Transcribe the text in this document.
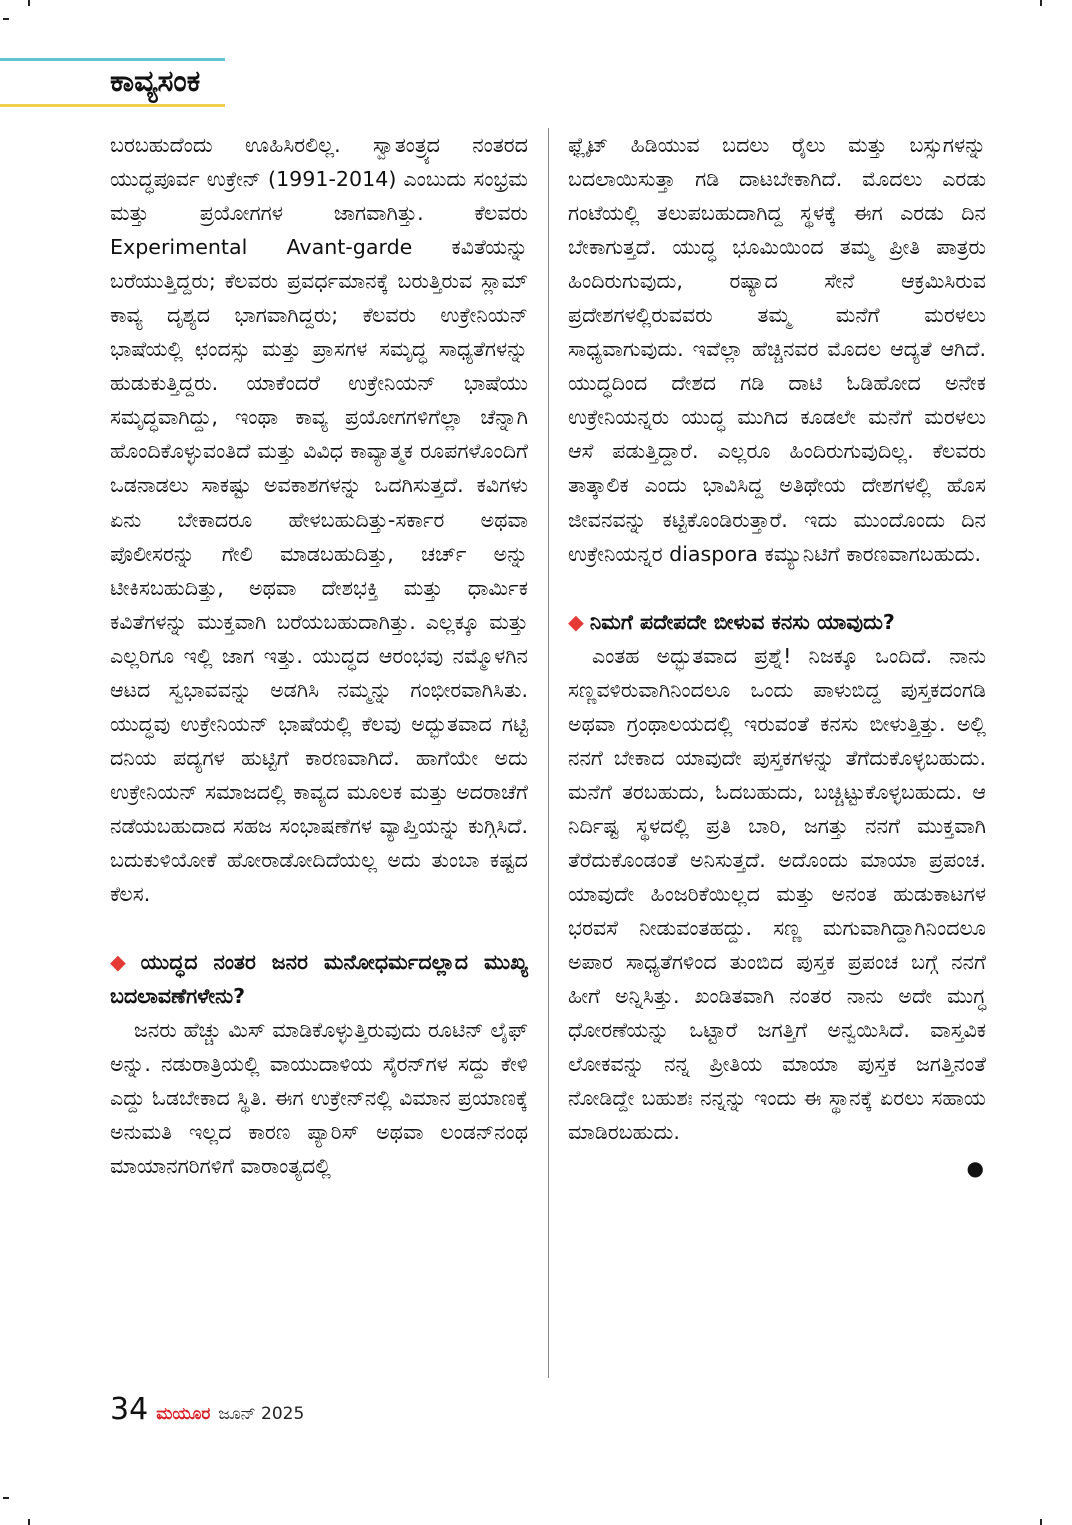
ಕಾವ್ಯಸಂಕ

ಬರಬಹುದೆಂದು ಊಹಿಸಿರಲಿಲ್ಲ. ಸ್ವಾತಂತ್ರ್ಯದ ನಂತರದ ಯುದ್ಧಪೂರ್ವ ಉಕ್ರೇನ್ (1991-2014) ಎಂಬುದು ಸಂಭ್ರಮ ಮತ್ತು ಪ್ರಯೋಗಗಳ ಜಾಗವಾಗಿತ್ತು. ಕೆಲವರು Experimental Avant-garde ಕವಿತೆಯನ್ನು ಬರೆಯುತ್ತಿದ್ದರು; ಕೆಲವರು ಪ್ರವರ್ಧಮಾನಕ್ಕೆ ಬರುತ್ತಿರುವ ಸ್ಲಾಮ್ ಕಾವ್ಯ ದೃಶ್ಯದ ಭಾಗವಾಗಿದ್ದರು; ಕೆಲವರು ಉಕ್ರೇನಿಯನ್ ಭಾಷೆಯಲ್ಲಿ ಛಂದಸ್ಸು ಮತ್ತು ಪ್ರಾಸಗಳ ಸಮೃದ್ಧ ಸಾಧ್ಯತೆಗಳನ್ನು ಹುಡುಕುತ್ತಿದ್ದರು. ಯಾಕೆಂದರೆ ಉಕ್ರೇನಿಯನ್ ಭಾಷೆಯು ಸಮೃದ್ಧವಾಗಿದ್ದು, ಇಂಥಾ ಕಾವ್ಯ ಪ್ರಯೋಗಗಳಿಗೆಲ್ಲಾ ಚೆನ್ನಾಗಿ ಹೊಂದಿಕೊಳ್ಳುವಂತಿದೆ ಮತ್ತು ವಿವಿಧ ಕಾವ್ಯಾತ್ಮಕ ರೂಪಗಳೊಂದಿಗೆ ಒಡನಾಡಲು ಸಾಕಷ್ಟು ಅವಕಾಶಗಳನ್ನು ಒದಗಿಸುತ್ತದೆ. ಕವಿಗಳು ಏನು ಬೇಕಾದರೂ ಹೇಳಬಹುದಿತ್ತು-ಸರ್ಕಾರ ಅಥವಾ ಪೊಲೀಸರನ್ನು ಗೇಲಿ ಮಾಡಬಹುದಿತ್ತು, ಚರ್ಚ್ ಅನ್ನು ಟೀಕಿಸಬಹುದಿತ್ತು, ಅಥವಾ ದೇಶಭಕ್ತಿ ಮತ್ತು ಧಾರ್ಮಿಕ ಕವಿತೆಗಳನ್ನು ಮುಕ್ತವಾಗಿ ಬರೆಯಬಹುದಾಗಿತ್ತು. ಎಲ್ಲಕ್ಕೂ ಮತ್ತು ಎಲ್ಲರಿಗೂ ಇಲ್ಲಿ ಜಾಗ ಇತ್ತು. ಯುದ್ಧದ ಆರಂಭವು ನಮ್ಮೊಳಗಿನ ಆಟದ ಸ್ವಭಾವವನ್ನು ಅಡಗಿಸಿ ನಮ್ಮನ್ನು ಗಂಭೀರವಾಗಿಸಿತು. ಯುದ್ಧವು ಉಕ್ರೇನಿಯನ್ ಭಾಷೆಯಲ್ಲಿ ಕೆಲವು ಅದ್ಭುತವಾದ ಗಟ್ಟಿ ದನಿಯ ಪದ್ಯಗಳ ಹುಟ್ಟಿಗೆ ಕಾರಣವಾಗಿದೆ. ಹಾಗೆಯೇ ಅದು ಉಕ್ರೇನಿಯನ್ ಸಮಾಜದಲ್ಲಿ ಕಾವ್ಯದ ಮೂಲಕ ಮತ್ತು ಅದರಾಚೆಗೆ ನಡೆಯಬಹುದಾದ ಸಹಜ ಸಂಭಾಷಣೆಗಳ ವ್ಯಾಪ್ತಿಯನ್ನು ಕುಗ್ಗಿಸಿದೆ. ಬದುಕುಳಿಯೋಕೆ ಹೋರಾಡೋದಿದೆಯಲ್ಲ ಅದು ತುಂಬಾ ಕಷ್ಟದ ಕೆಲಸ.

◆ ಯುದ್ಧದ ನಂತರ ಜನರ ಮನೋಧರ್ಮದಲ್ಲಾದ ಮುಖ್ಯ ಬದಲಾವಣೆಗಳೇನು?

ಜನರು ಹೆಚ್ಚು ಮಿಸ್ ಮಾಡಿಕೊಳ್ಳುತ್ತಿರುವುದು ರೂಟಿನ್ ಲೈಫ್ ಅನ್ನು. ನಡುರಾತ್ರಿಯಲ್ಲಿ ವಾಯುದಾಳಿಯ ಸೈರನ್‌ಗಳ ಸದ್ದು ಕೇಳಿ ಎದ್ದು ಓಡಬೇಕಾದ ಸ್ಥಿತಿ. ಈಗ ಉಕ್ರೇನ್‌ನಲ್ಲಿ ವಿಮಾನ ಪ್ರಯಾಣಕ್ಕೆ ಅನುಮತಿ ಇಲ್ಲದ ಕಾರಣ ಪ್ಯಾರಿಸ್ ಅಥವಾ ಲಂಡನ್‌ನಂಥ ಮಾಯಾನಗರಿಗಳಿಗೆ ವಾರಾಂತ್ಯದಲ್ಲಿ

ಫ್ಲೈಟ್ ಹಿಡಿಯುವ ಬದಲು ರೈಲು ಮತ್ತು ಬಸ್ಸುಗಳನ್ನು ಬದಲಾಯಿಸುತ್ತಾ ಗಡಿ ದಾಟಬೇಕಾಗಿದೆ. ಮೊದಲು ಎರಡು ಗಂಟೆಯಲ್ಲಿ ತಲುಪಬಹುದಾಗಿದ್ದ ಸ್ಥಳಕ್ಕೆ ಈಗ ಎರಡು ದಿನ ಬೇಕಾಗುತ್ತದೆ. ಯುದ್ಧ ಭೂಮಿಯಿಂದ ತಮ್ಮ ಪ್ರೀತಿ ಪಾತ್ರರು ಹಿಂದಿರುಗುವುದು, ರಷ್ಯಾದ ಸೇನೆ ಆಕ್ರಮಿಸಿರುವ ಪ್ರದೇಶಗಳಲ್ಲಿರುವವರು ತಮ್ಮ ಮನೆಗೆ ಮರಳಲು ಸಾಧ್ಯವಾಗುವುದು. ಇವೆಲ್ಲಾ ಹೆಚ್ಚಿನವರ ಮೊದಲ ಆದ್ಯತೆ ಆಗಿದೆ. ಯುದ್ಧದಿಂದ ದೇಶದ ಗಡಿ ದಾಟಿ ಓಡಿಹೋದ ಅನೇಕ ಉಕ್ರೇನಿಯನ್ನರು ಯುದ್ಧ ಮುಗಿದ ಕೂಡಲೇ ಮನೆಗೆ ಮರಳಲು ಆಸೆ ಪಡುತ್ತಿದ್ದಾರೆ. ಎಲ್ಲರೂ ಹಿಂದಿರುಗುವುದಿಲ್ಲ. ಕೆಲವರು ತಾತ್ಕಾಲಿಕ ಎಂದು ಭಾವಿಸಿದ್ದ ಅತಿಥೇಯ ದೇಶಗಳಲ್ಲಿ ಹೊಸ ಜೀವನವನ್ನು ಕಟ್ಟಿಕೊಂಡಿರುತ್ತಾರೆ. ಇದು ಮುಂದೊಂದು ದಿನ ಉಕ್ರೇನಿಯನ್ನರ diaspora ಕಮ್ಯುನಿಟಿಗೆ ಕಾರಣವಾಗಬಹುದು.

◆ ನಿಮಗೆ ಪದೇಪದೇ ಬೀಳುವ ಕನಸು ಯಾವುದು?

ಎಂತಹ ಅದ್ಭುತವಾದ ಪ್ರಶ್ನೆ! ನಿಜಕ್ಕೂ ಒಂದಿದೆ. ನಾನು ಸಣ್ಣವಳಿರುವಾಗಿನಿಂದಲೂ ಒಂದು ಪಾಳುಬಿದ್ದ ಪುಸ್ತಕದಂಗಡಿ ಅಥವಾ ಗ್ರಂಥಾಲಯದಲ್ಲಿ ಇರುವಂತೆ ಕನಸು ಬೀಳುತ್ತಿತ್ತು. ಅಲ್ಲಿ ನನಗೆ ಬೇಕಾದ ಯಾವುದೇ ಪುಸ್ತಕಗಳನ್ನು ತೆಗೆದುಕೊಳ್ಳಬಹುದು. ಮನೆಗೆ ತರಬಹುದು, ಓದಬಹುದು, ಬಚ್ಚಿಟ್ಟುಕೊಳ್ಳಬಹುದು. ಆ ನಿರ್ದಿಷ್ಟ ಸ್ಥಳದಲ್ಲಿ ಪ್ರತಿ ಬಾರಿ, ಜಗತ್ತು ನನಗೆ ಮುಕ್ತವಾಗಿ ತೆರೆದುಕೊಂಡಂತೆ ಅನಿಸುತ್ತದೆ. ಅದೊಂದು ಮಾಯಾ ಪ್ರಪಂಚ. ಯಾವುದೇ ಹಿಂಜರಿಕೆಯಿಲ್ಲದ ಮತ್ತು ಅನಂತ ಹುಡುಕಾಟಗಳ ಭರವಸೆ ನೀಡುವಂತಹದ್ದು. ಸಣ್ಣ ಮಗುವಾಗಿದ್ದಾಗಿನಿಂದಲೂ ಅಪಾರ ಸಾಧ್ಯತೆಗಳಿಂದ ತುಂಬಿದ ಪುಸ್ತಕ ಪ್ರಪಂಚ ಬಗ್ಗೆ ನನಗೆ ಹೀಗೆ ಅನ್ನಿಸಿತ್ತು. ಖಂಡಿತವಾಗಿ ನಂತರ ನಾನು ಅದೇ ಮುಗ್ಧ ಧೋರಣೆಯನ್ನು ಒಟ್ಟಾರೆ ಜಗತ್ತಿಗೆ ಅನ್ವಯಿಸಿದೆ. ವಾಸ್ತವಿಕ ಲೋಕವನ್ನು ನನ್ನ ಪ್ರೀತಿಯ ಮಾಯಾ ಪುಸ್ತಕ ಜಗತ್ತಿನಂತೆ ನೋಡಿದ್ದೇ ಬಹುಶಃ ನನ್ನನ್ನು ಇಂದು ಈ ಸ್ಥಾನಕ್ಕೆ ಏರಲು ಸಹಾಯ ಮಾಡಿರಬಹುದು.

●
34 ಮಯೂರ ಜೂನ್ 2025
